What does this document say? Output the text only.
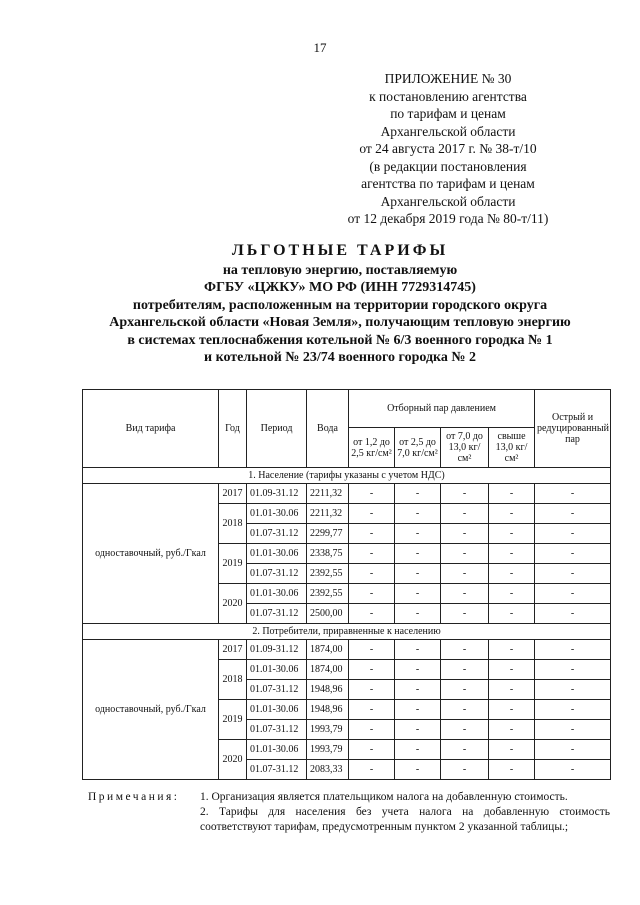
17
ПРИЛОЖЕНИЕ № 30
к постановлению агентства
по тарифам и ценам
Архангельской области
от 24 августа 2017 г. № 38-т/10
(в редакции постановления
агентства по тарифам и ценам
Архангельской области
от 12 декабря 2019 года № 80-т/11)
ЛЬГОТНЫЕ ТАРИФЫ
на тепловую энергию, поставляемую
ФГБУ «ЦЖКУ» МО РФ (ИНН 7729314745)
потребителям, расположенным на территории городского округа
Архангельской области «Новая Земля», получающим тепловую энергию
в системах теплоснабжения котельной № 6/3 военного городка № 1
и котельной № 23/74 военного городка № 2
Вид тарифа	Год	Период	Вода	Отборный пар давлением				Острый и редуцированный пар
				от 1,2 до 2,5 кг/см²	от 2,5 до 7,0 кг/см²	от 7,0 до 13,0 кг/см²	свыше 13,0 кг/см²	
1. Население (тарифы указаны с учетом НДС)								
одноставочный, руб./Гкал	2017	01.09-31.12	2211,32	-	-	-	-	-
	2018	01.01-30.06	2211,32	-	-	-	-	-
		01.07-31.12	2299,77	-	-	-	-	-
	2019	01.01-30.06	2338,75	-	-	-	-	-
		01.07-31.12	2392,55	-	-	-	-	-
	2020	01.01-30.06	2392,55	-	-	-	-	-
		01.07-31.12	2500,00	-	-	-	-	-
2. Потребители, приравненные к населению								
одноставочный, руб./Гкал	2017	01.09-31.12	1874,00	-	-	-	-	-
	2018	01.01-30.06	1874,00	-	-	-	-	-
		01.07-31.12	1948,96	-	-	-	-	-
	2019	01.01-30.06	1948,96	-	-	-	-	-
		01.07-31.12	1993,79	-	-	-	-	-
	2020	01.01-30.06	1993,79	-	-	-	-	-
		01.07-31.12	2083,33	-	-	-	-	-
Примечания: 1. Организация является плательщиком налога на добавленную стоимость.
2. Тарифы для населения без учета налога на добавленную стоимость соответствуют тарифам, предусмотренным пунктом 2 указанной таблицы.;
